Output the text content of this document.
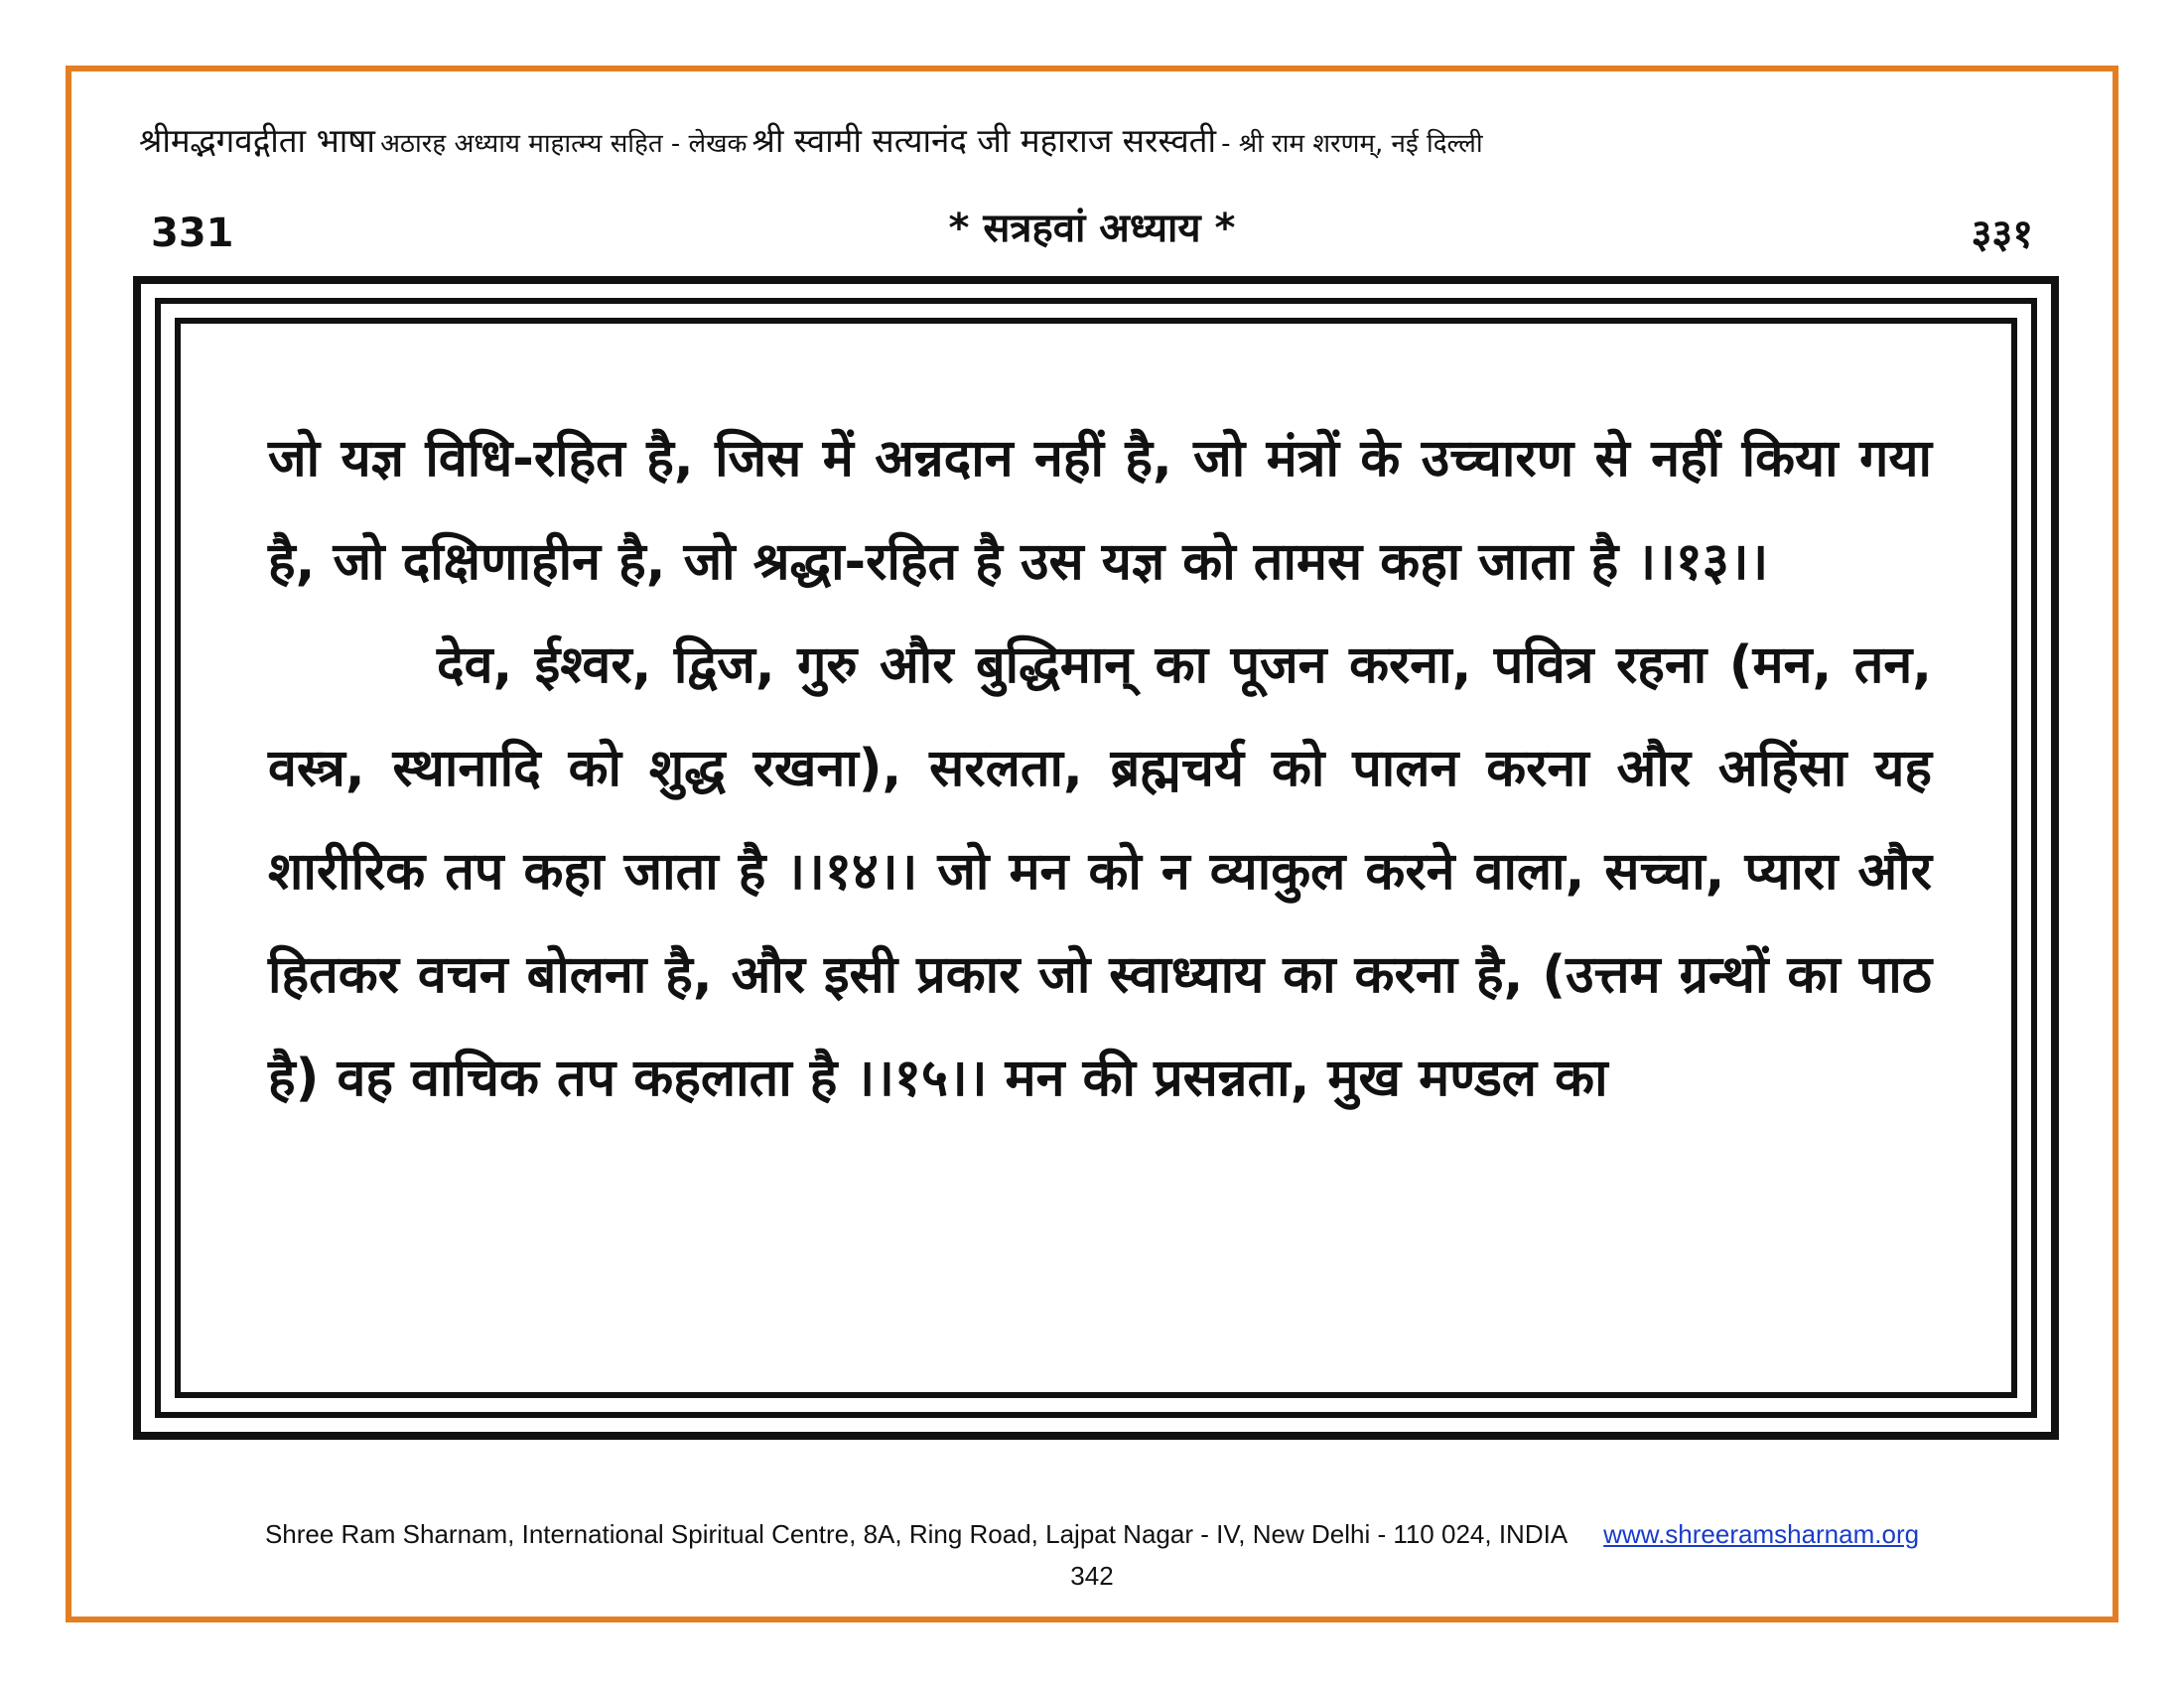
श्रीमद्भगवद्गीता भाषा अठारह अध्याय माहात्म्य सहित - लेखक श्री स्वामी सत्यानंद जी महाराज सरस्वती - श्री राम शरणम्, नई दिल्ली
331	* सत्रहवां अध्याय *	३३१

जो यज्ञ विधि-रहित है, जिस में अन्नदान नहीं है, जो मंत्रों के उच्चारण से नहीं किया गया है, जो दक्षिणाहीन है, जो श्रद्धा-रहित है उस यज्ञ को तामस कहा जाता है ।।१३।।

देव, ईश्वर, द्विज, गुरु और बुद्धिमान् का पूजन करना, पवित्र रहना (मन, तन, वस्त्र, स्थानादि को शुद्ध रखना), सरलता, ब्रह्मचर्य को पालन करना और अहिंसा यह शारीरिक तप कहा जाता है ।।१४।। जो मन को न व्याकुल करने वाला, सच्चा, प्यारा और हितकर वचन बोलना है, और इसी प्रकार जो स्वाध्याय का करना है, (उत्तम ग्रन्थों का पाठ है) वह वाचिक तप कहलाता है ।।१५।। मन की प्रसन्नता, मुख मण्डल का

Shree Ram Sharnam, International Spiritual Centre, 8A, Ring Road, Lajpat Nagar - IV, New Delhi - 110 024, INDIA www.shreeramsharnam.org
342
